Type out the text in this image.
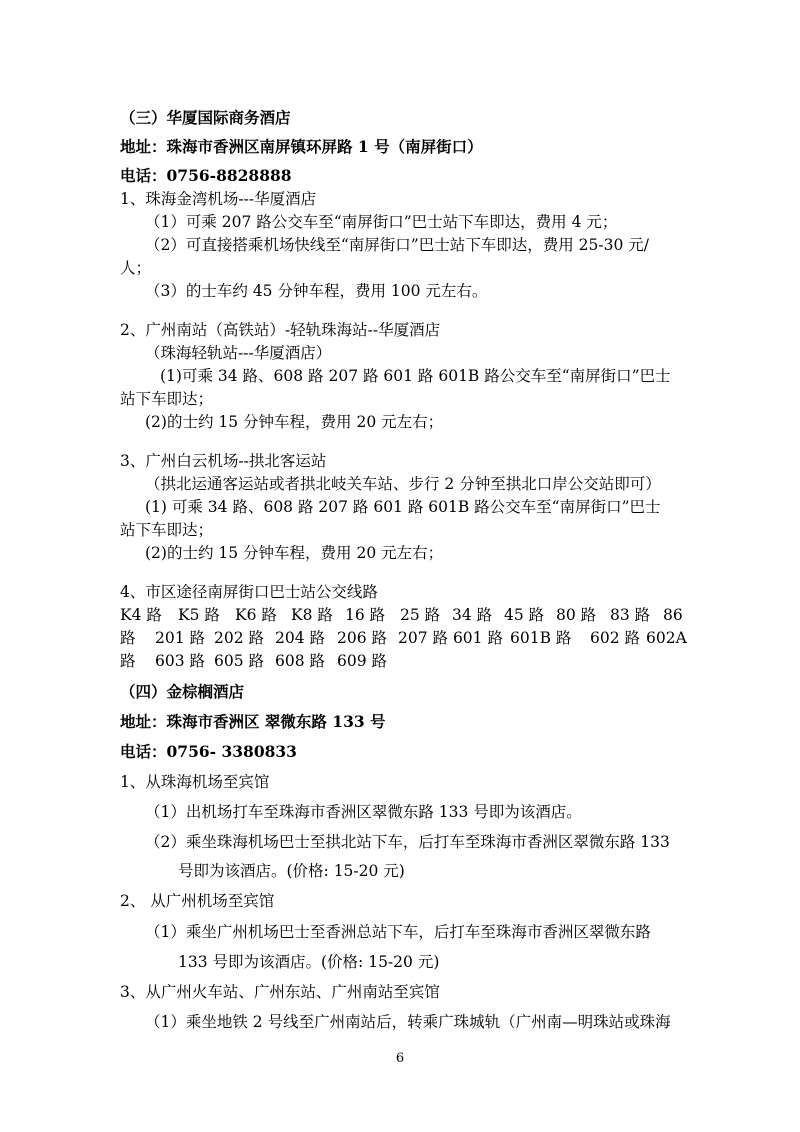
（三）华厦国际商务酒店
地址：珠海市香洲区南屏镇环屏路 1 号（南屏街口）
电话：0756-8828888
1、珠海金湾机场---华厦酒店
（1）可乘 207 路公交车至“南屏街口”巴士站下车即达，费用 4 元；
（2）可直接搭乘机场快线至“南屏街口”巴士站下车即达，费用 25-30 元/
人；
（3）的士车约 45 分钟车程，费用 100 元左右。
2、广州南站（高铁站）-轻轨珠海站--华厦酒店
（珠海轻轨站---华厦酒店）
(1)可乘 34 路、608 路 207 路 601 路 601B 路公交车至“南屏街口”巴士
站下车即达；
(2)的士约 15 分钟车程，费用 20 元左右；
3、广州白云机场--拱北客运站
（拱北运通客运站或者拱北岐关车站、步行 2 分钟至拱北口岸公交站即可）
(1) 可乘 34 路、608 路 207 路 601 路 601B 路公交车至“南屏街口”巴士
站下车即达；
(2)的士约 15 分钟车程，费用 20 元左右；
4、市区途径南屏街口巴士站公交线路
K4 路 K5 路 K6 路 K8 路 16 路 25 路 34 路 45 路 80 路 83 路 86
路 201 路 202 路 204 路 206 路 207 路 601 路 601B 路 602 路 602A
路 603 路 605 路 608 路 609 路
（四）金棕榈酒店
地址：珠海市香洲区 翠微东路 133 号
电话：0756- 3380833
1、从珠海机场至宾馆
（1）出机场打车至珠海市香洲区翠微东路 133 号即为该酒店。
（2）乘坐珠海机场巴士至拱北站下车，后打车至珠海市香洲区翠微东路 133
号即为该酒店。(价格: 15-20 元)
2、 从广州机场至宾馆
（1）乘坐广州机场巴士至香洲总站下车，后打车至珠海市香洲区翠微东路
133 号即为该酒店。(价格: 15-20 元)
3、从广州火车站、广州东站、广州南站至宾馆
（1）乘坐地铁 2 号线至广州南站后，转乘广珠城轨（广州南—明珠站或珠海
6
